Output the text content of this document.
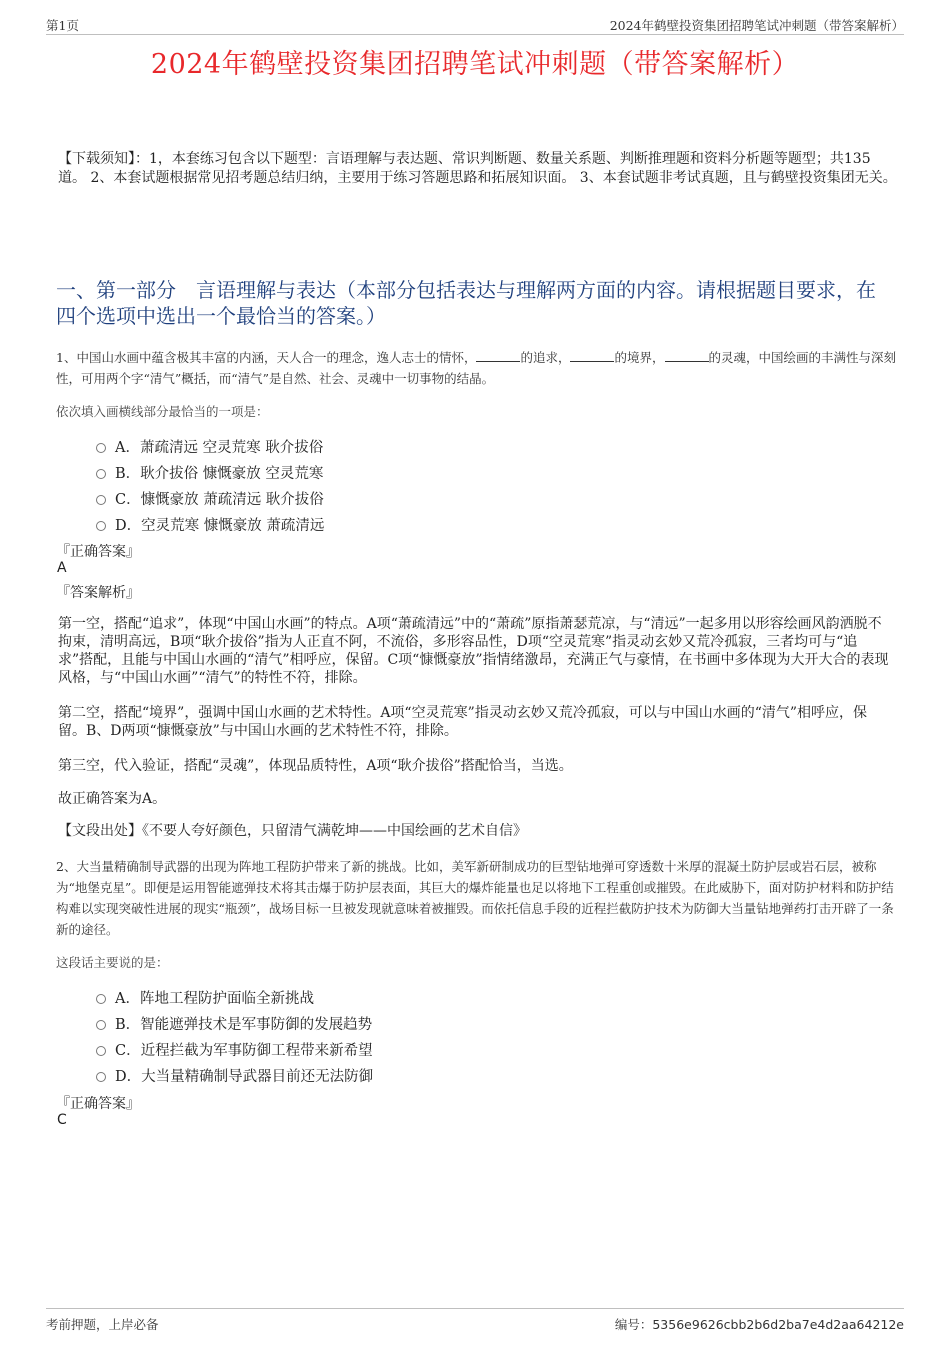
第1页	2024年鹤壁投资集团招聘笔试冲刺题（带答案解析）
2024年鹤壁投资集团招聘笔试冲刺题（带答案解析）
【下载须知】：1，本套练习包含以下题型：言语理解与表达题、常识判断题、数量关系题、判断推理题和资料分析题等题型；共135道。 2、本套试题根据常见招考题总结归纳，主要用于练习答题思路和拓展知识面。 3、本套试题非考试真题，且与鹤壁投资集团无关。
一、第一部分　言语理解与表达（本部分包括表达与理解两方面的内容。请根据题目要求，在四个选项中选出一个最恰当的答案。）
1、中国山水画中蕴含极其丰富的内涵，天人合一的理念，逸人志士的情怀，	的追求，	的境界，	的灵魂，中国绘画的丰满性与深刻性，可用两个字“清气”概括，而“清气”是自然、社会、灵魂中一切事物的结晶。
依次填入画横线部分最恰当的一项是：
A．萧疏清远 空灵荒寒 耿介拔俗
B．耿介拔俗 慷慨豪放 空灵荒寒
C．慷慨豪放 萧疏清远 耿介拔俗
D．空灵荒寒 慷慨豪放 萧疏清远
『正确答案』
A
『答案解析』
第一空，搭配“追求”，体现“中国山水画”的特点。A项“萧疏清远”中的“萧疏”原指萧瑟荒凉，与“清远”一起多用以形容绘画风韵洒脱不拘束，清明高远，B项“耿介拔俗”指为人正直不阿，不流俗，多形容品性，D项“空灵荒寒”指灵动玄妙又荒冷孤寂，三者均可与“追求”搭配，且能与中国山水画的“清气”相呼应，保留。C项“慷慨豪放”指情绪激昂，充满正气与豪情，在书画中多体现为大开大合的表现风格，与“中国山水画”“清气”的特性不符，排除。
第二空，搭配“境界”，强调中国山水画的艺术特性。A项“空灵荒寒”指灵动玄妙又荒冷孤寂，可以与中国山水画的“清气”相呼应，保留。B、D两项“慷慨豪放”与中国山水画的艺术特性不符，排除。
第三空，代入验证，搭配“灵魂”，体现品质特性，A项“耿介拔俗”搭配恰当，当选。
故正确答案为A。
【文段出处】《不要人夸好颜色，只留清气满乾坤——中国绘画的艺术自信》
2、大当量精确制导武器的出现为阵地工程防护带来了新的挑战。比如，美军新研制成功的巨型钻地弹可穿透数十米厚的混凝土防护层或岩石层，被称为“地堡克星”。即便是运用智能遮弹技术将其击爆于防护层表面，其巨大的爆炸能量也足以将地下工程重创或摧毁。在此威胁下，面对防护材料和防护结构难以实现突破性进展的现实“瓶颈”，战场目标一旦被发现就意味着被摧毁。而依托信息手段的近程拦截防护技术为防御大当量钻地弹药打击开辟了一条新的途径。
这段话主要说的是：
A．阵地工程防护面临全新挑战
B．智能遮弹技术是军事防御的发展趋势
C．近程拦截为军事防御工程带来新希望
D．大当量精确制导武器目前还无法防御
『正确答案』
C
考前押题，上岸必备	编号：5356e9626cbb2b6d2ba7e4d2aa64212e
